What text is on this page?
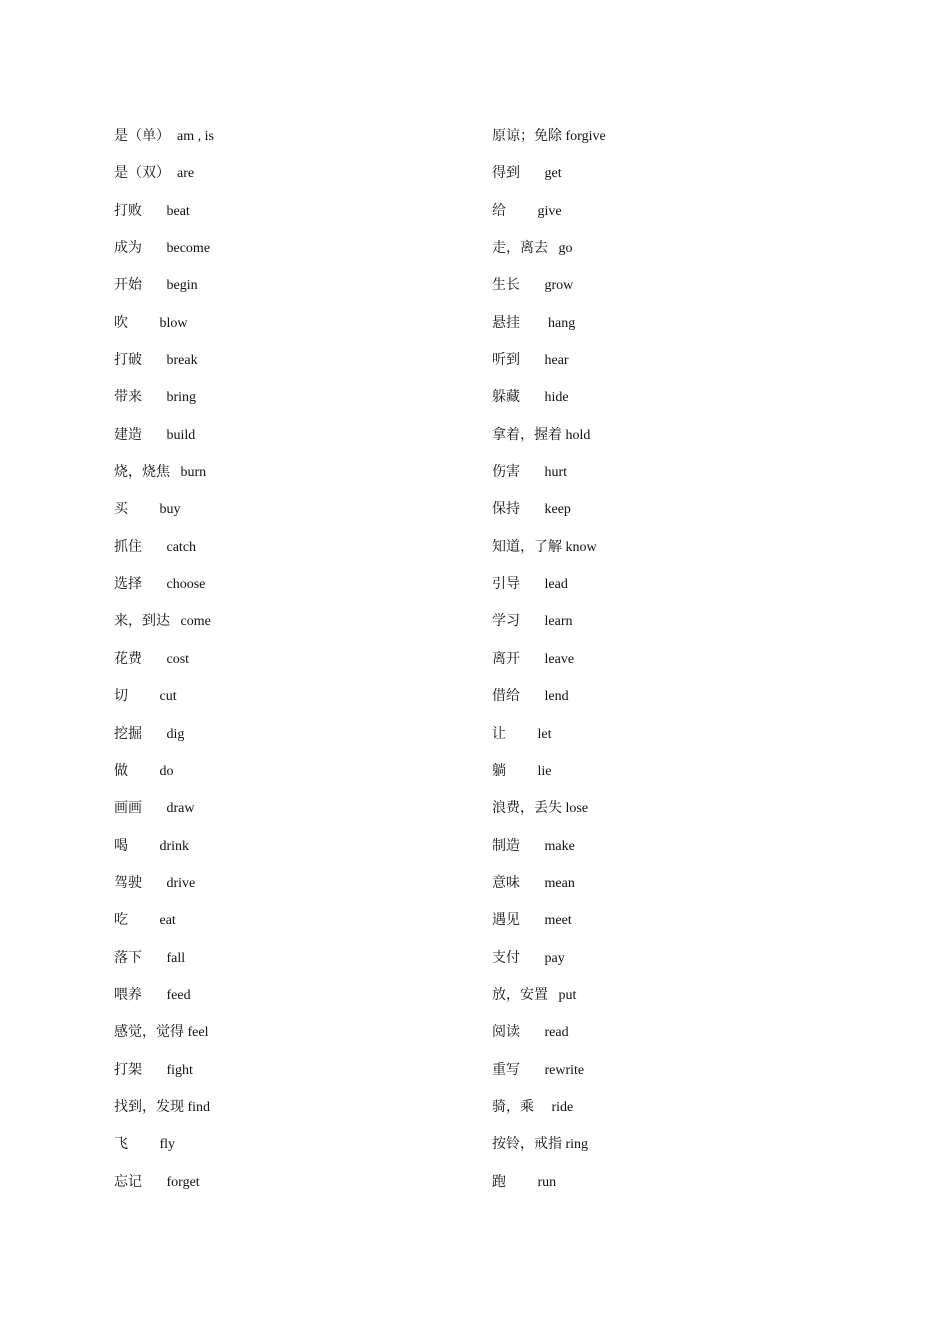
是（单）  am , is
是（双）  are
打败       beat
成为       become
开始       begin
吹         blow
打破       break
带来       bring
建造       build
烧，烧焦   burn
买         buy
抓住       catch
选择       choose
来，到达   come
花费       cost
切         cut
挖掘       dig
做         do
画画       draw
喝         drink
驾驶       drive
吃         eat
落下       fall
喂养       feed
感觉，觉得 feel
打架       fight
找到，发现 find
飞         fly
忘记       forget
原谅；免除 forgive
得到       get
给         give
走，离去   go
生长       grow
悬挂        hang
听到       hear
躲藏       hide
拿着，握着 hold
伤害       hurt
保持       keep
知道，了解 know
引导       lead
学习       learn
离开       leave
借给       lend
让         let
躺         lie
浪费，丢失 lose
制造       make
意味       mean
遇见       meet
支付       pay
放，安置   put
阅读       read
重写       rewrite
骑，乘     ride
按铃，戒指 ring
跑         run
